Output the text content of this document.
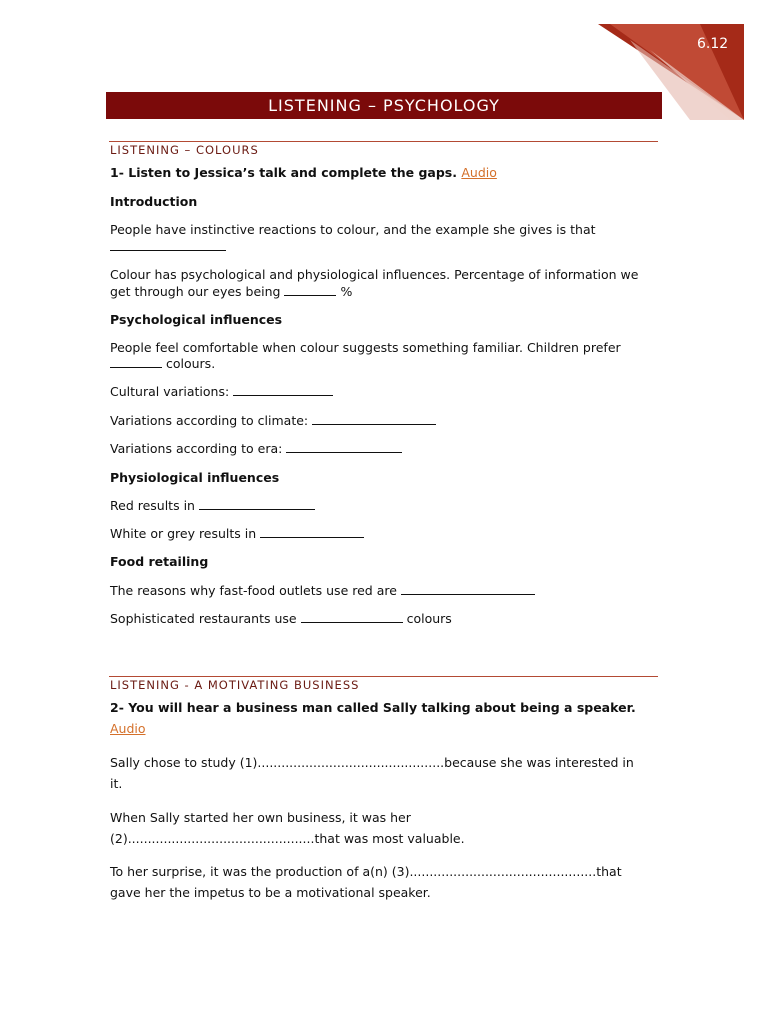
6.12
LISTENING – PSYCHOLOGY
LISTENING – COLOURS
1- Listen to Jessica’s talk and complete the gaps. Audio
Introduction
People have instinctive reactions to colour, and the example she gives is that
Colour has psychological and physiological influences. Percentage of information we
get through our eyes being	%
Psychological influences
People feel comfortable when colour suggests something familiar. Children prefer
colours.
Cultural variations:
Variations according to climate:
Variations according to era:
Physiological influences
Red results in
White or grey results in
Food retailing
The reasons why fast-food outlets use red are
Sophisticated restaurants use	colours
LISTENING - A MOTIVATING BUSINESS
2- You will hear a business man called Sally talking about being a speaker.
Audio
Sally chose to study (1)...............................................because she was interested in
it.
When Sally started her own business, it was her
(2)...............................................that was most valuable.
To her surprise, it was the production of a(n) (3)...............................................that
gave her the impetus to be a motivational speaker.
